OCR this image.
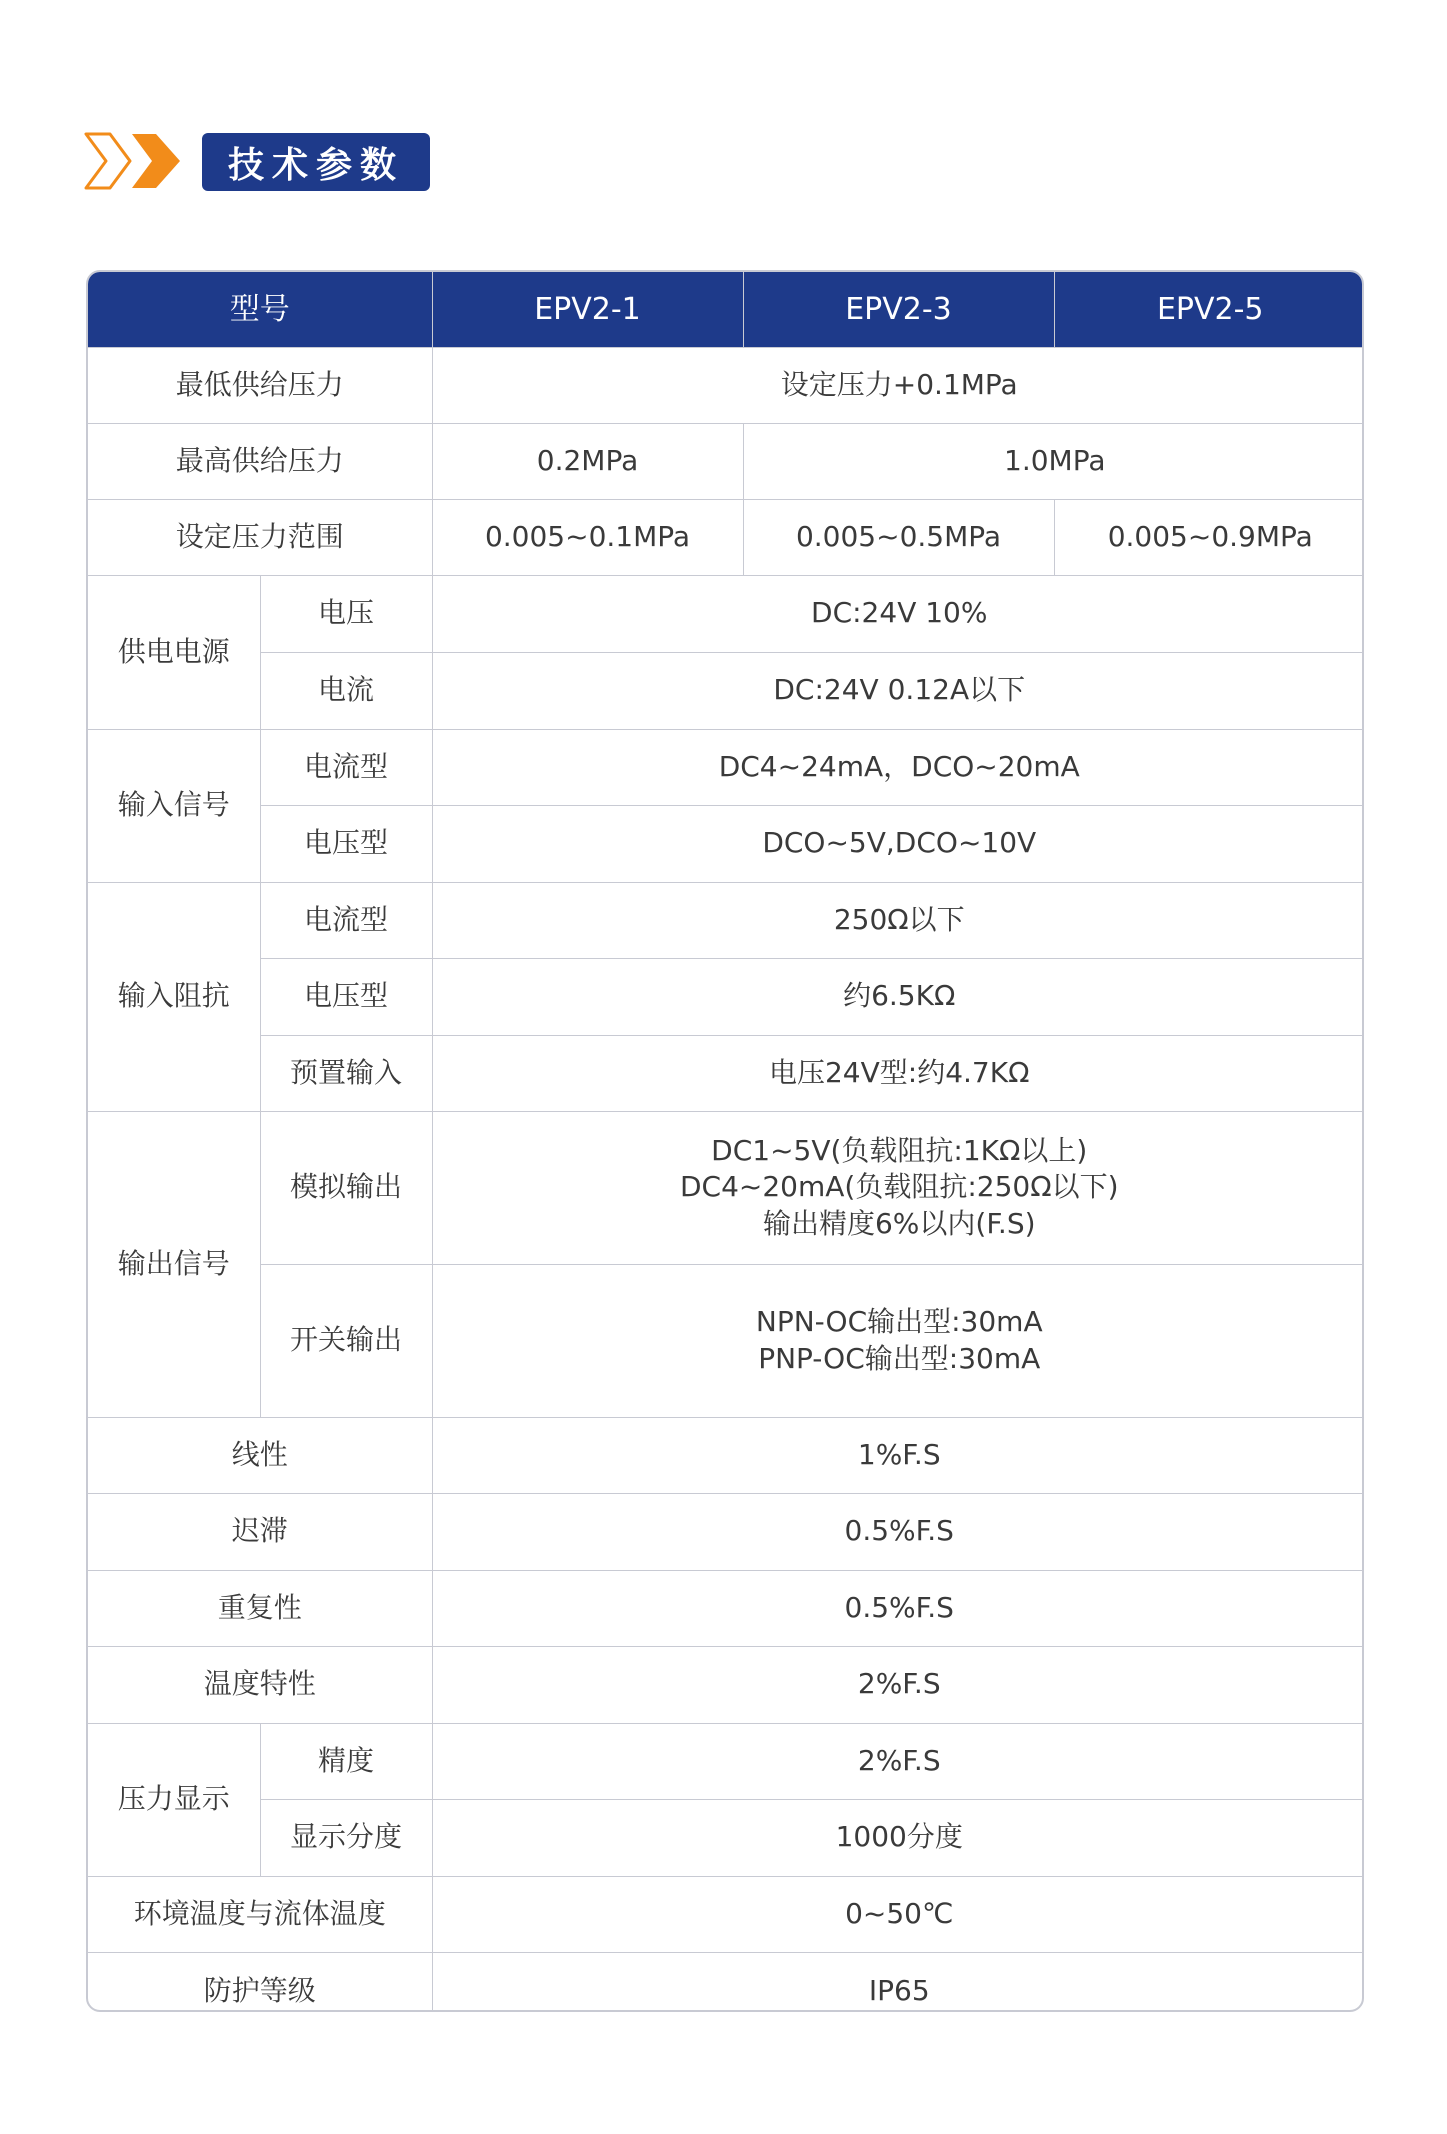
技术参数
型号		EPV2-1	EPV2-3	EPV2-5
最低供给压力		设定压力+0.1MPa		
最高供给压力		0.2MPa	1.0MPa	
设定压力范围		0.005~0.1MPa	0.005~0.5MPa	0.005~0.9MPa
供电电源	电压	DC:24V 10%		
	电流	DC:24V 0.12A以下		
输入信号	电流型	DC4~24mA，DCO~20mA		
	电压型	DCO~5V,DCO~10V		
输入阻抗	电流型	250Ω以下		
	电压型	约6.5KΩ		
	预置输入	电压24V型:约4.7KΩ		
输出信号	模拟输出	DC1~5V(负载阻抗:1KΩ以上)
DC4~20mA(负载阻抗:250Ω以下)
输出精度6%以内(F.S)		

	开关输出	NPN-OC输出型:30mA
PNP-OC输出型:30mA		

线性		1%F.S		
迟滞		0.5%F.S		
重复性		0.5%F.S		
温度特性		2%F.S		
压力显示	精度	2%F.S		
	显示分度	1000分度		
环境温度与流体温度		0~50℃		
防护等级		IP65		
